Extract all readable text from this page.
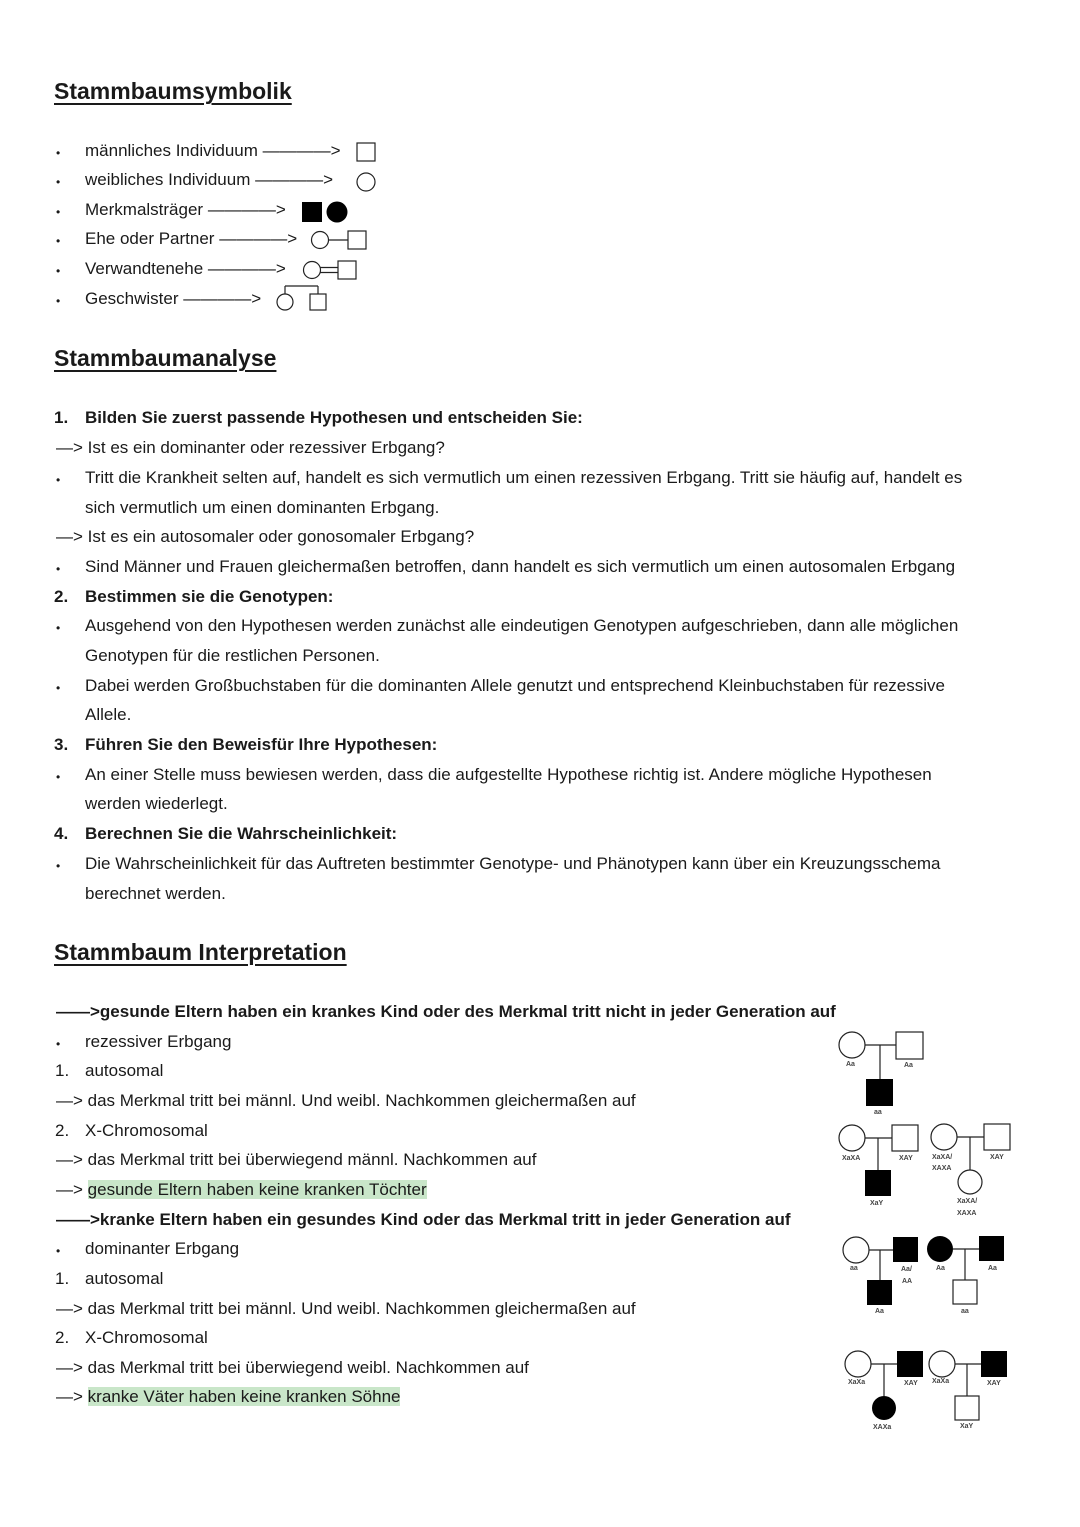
Stammbaumsymbolik
• männliches Individuum ————>
• weibliches Individuum ————>
• Merkmalsträger ————>
• Ehe oder Partner ————>
• Verwandtenehe ————>
• Geschwister ————>
Stammbaumanalyse
1. Bilden Sie zuerst passende Hypothesen und entscheiden Sie:
—> Ist es ein dominanter oder rezessiver Erbgang?
• Tritt die Krankheit selten auf, handelt es sich vermutlich um einen rezessiven Erbgang. Tritt sie häufig auf, handelt es
sich vermutlich um einen dominanten Erbgang.
—> Ist es ein autosomaler oder gonosomaler Erbgang?
• Sind Männer und Frauen gleichermaßen betroffen, dann handelt es sich vermutlich um einen autosomalen Erbgang
2. Bestimmen sie die Genotypen:
• Ausgehend von den Hypothesen werden zunächst alle eindeutigen Genotypen aufgeschrieben, dann alle möglichen
Genotypen für die restlichen Personen.
• Dabei werden Großbuchstaben für die dominanten Allele genutzt und entsprechend Kleinbuchstaben für rezessive
Allele.
3. Führen Sie den Beweisfür Ihre Hypothesen:
• An einer Stelle muss bewiesen werden, dass die aufgestellte Hypothese richtig ist. Andere mögliche Hypothesen
werden wiederlegt.
4. Berechnen Sie die Wahrscheinlichkeit:
• Die Wahrscheinlichkeit für das Auftreten bestimmter Genotype- und Phänotypen kann über ein Kreuzungsschema
berechnet werden.
Stammbaum Interpretation
——>gesunde Eltern haben ein krankes Kind oder des Merkmal tritt nicht in jeder Generation auf
• rezessiver Erbgang
1. autosomal
—> das Merkmal tritt bei männl. Und weibl. Nachkommen gleichermaßen auf
2. X-Chromosomal
—> das Merkmal tritt bei überwiegend männl. Nachkommen auf
—> gesunde Eltern haben keine kranken Töchter
——>kranke Eltern haben ein gesundes Kind oder das Merkmal tritt in jeder Generation auf
• dominanter Erbgang
1. autosomal
—> das Merkmal tritt bei männl. Und weibl. Nachkommen gleichermaßen auf
2. X-Chromosomal
—> das Merkmal tritt bei überwiegend weibl. Nachkommen auf
—> kranke Väter haben keine kranken Söhne
Aa	Aa
aa
XaXA	XAY
XaY
XaXA/
XAXA
XAY
XaXA/
XAXA
aa	Aa/
AA
Aa
Aa	Aa
aa
XaXa	XAY
XAXa
XaXa	XAY
XaY
